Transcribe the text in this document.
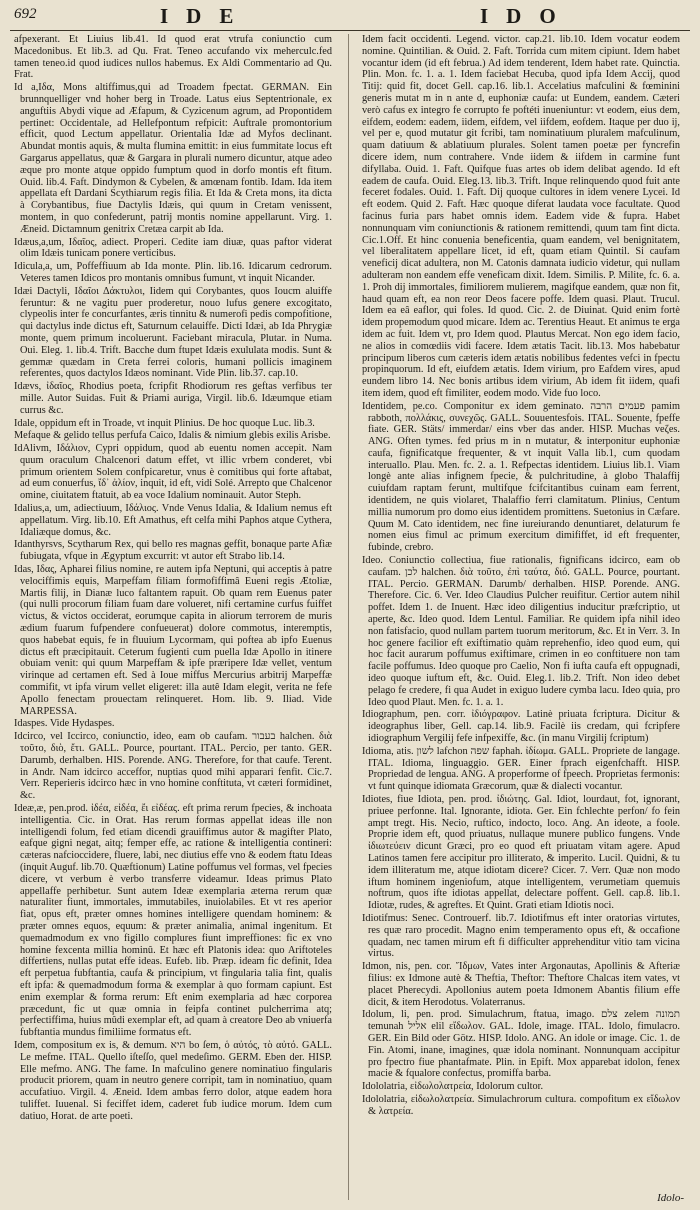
692	IDE	IDO

afpexerant. Et Liuius lib.41. Id quod erat vtrufa coniunctio cum Macedonibus. Et lib.3. ad Qu. Frat. Teneo accufando vix meherculc.fed tamen teneo.id quod iudices nullos habemus. Ex Aldi Commentario ad Qu. Frat.

Id a,Iδα, Mons altiffimus,qui ad Troadem fpectat. GERMAN. Ein brunnquelliger vnd hoher berg in Troade. Latus eius Septentrionale, ex anguftiis Abydi vique ad Æfapum, & Cyzicenum agrum, ad Propontidem pertinet: Occidentale, ad Hellefpontum refpicit: Auftrale promontorium efficit, quod Lectum appellatur. Orientalia Idæ ad Myfos declinant. Abundat montis aquis, & multa flumina emittit: in eius fummitate locus eft Gargarus appellatus, quæ & Gargara in plurali numero dicuntur, atque adeo æque pro monte atque oppido fumptum quod in dorfo montis eft fitum. Ouid. lib.4. Faft. Dindymon & Cybelen, & amœnam fontib. Idam. Ida item appellata eft Dardani Scythiarum regis filia. Et Ida & Creta mons, ita dicta à Corybantibus, fiue Dactylis Idæis, qui quum in Cretam venissent, montem, in quo confederunt, patrij montis nomine appellarunt. Virg. 1. Æneid. Dictamnum genitrix Cretæa carpit ab Ida.

Idæus,a,um, Iδαῖος, adiect. Properi. Cedite iam diuæ, quas paftor viderat olim Idæis tunicam ponere verticibus.

Idicula,a, um, Poffeffiuum ab Ida monte. Plin. lib.16. Idicarum cedrorum. Veteres tamen Idicos pro montanis omnibus fumunt, vt inquit Nicander.

Idæi Dactyli, Iδαῖοι Δάκτυλοι, Iidem qui Corybantes, quos Ioucm aluiffe feruntur: & ne vagitu puer proderetur, nouo lufus genere excogitato, clypeolis inter fe concurfantes, æris tinnitu & numerofi pedis compofitione, qui dactylus inde dictus eft, Saturnum celauiffe. Dicti Idæi, ab Ida Phrygiæ monte, quem primum incoluerunt. Faciebant miracula, Plutar. in Numa. Oui. Eleg. 1. lib.4. Trift. Bacche dum ftupet Idæis exululata modis. Sunt & gemmæ quædam in Creta ferrei coloris, humani pollicis imaginem referentes, quos dactylos Idæos nominant. Vide Plin. lib.37. cap.10.

Idævs, ἰδαῖος, Rhodius poeta, fcripfit Rhodiorum res geftas verfibus ter mille. Autor Suidas. Fuit & Priami auriga, Virgil. lib.6. Idæumque etiam currus &c.

Idale, oppidum eft in Troade, vt inquit Plinius. De hoc quoque Luc. lib.3.

Mefaque & gelido tellus perfufa Caico, Idalis & nimium glebis exilis Arisbe.

IdAlivm, Iδάλιον, Cypri oppidum, quod ab euentu nomen accepit. Nam quum oraculum Chalcenori datum effet, vt illic vrbem conderet, vbi primum orientem Solem confpicaretur, vnus è comitibus qui forte aftabat, ad eum conuerfus, ἴδ᾽ ἀλίον, inquit, id eft, vidi Solé. Arrepto que Chalcenor omine, ciuitatem ftatuit, ab ea voce Idalium nominauit. Autor Steph.

Idalius,a, um, adiectiuum, Iδάλιος. Vnde Venus Idalia, & Idalium nemus eft appellatum. Virg. lib.10. Eft Amathus, eft celfa mihi Paphos atque Cythera, Idaliæque domus, &c.

Idanthyrsvs, Scytharum Rex, qui bello res magnas geffit, bonaque parte Afiæ fubiugata, vfque in Ægyptum excurrit: vt autor eft Strabo lib.14.

Idas, Iδας, Apharei filius nomine, re autem ipfa Neptuni, qui acceptis à patre velociffimis equis, Marpeffam filiam formofiffimâ Eueni regis Ætoliæ, Martis filij, in Dianæ luco faltantem rapuit. Ob quam rem Euenus pater (qui nulli procorum filiam fuam dare volueret, nifi certamine curfus fuiffet victus, & victos occiderat, eorumque capita in aliorum terrorem de muris ædium fuarum fufpendere confueuerat) dolore commotus, interemptis, quos habebat equis, fe in fluuium Lycormam, qui poftea ab ipfo Euenus dictus eft præcipitauit. Ceterum fugienti cum puella Idæ Apollo in itinere obuiam venit: qui quum Marpeffam & ipfe præripere Idæ vellet, ventum virinque ad certamen eft. Sed à Ioue miffus Mercurius arbitrij Marpeffæ commifit, vt ipfa virum vellet eligeret: illa autê Idam elegit, verita ne fefe Apollo fenectam prouectam relinqueret. Hom. lib. 9. Iliad. Vide MARPESSA.

Idaspes. Vide Hydaspes.

Idcirco, vel Iccirco, coniunctio, ideo, eam ob caufam. בעבור halchen. διὰ τοῦτο, διὸ, ἔτι. GALL. Pource, pourtant. ITAL. Percio, per tanto. GER. Darumb, derhalben. HIS. Porende. ANG. Therefore, for that caufe. Terent. in Andr. Nam idcirco acceffor, nuptias quod mihi apparari fenfit. Cic.7. Verr. Reperieris idcirco hæc in vno homine conftituta, vt cæteri formidinet, &c.

Ideæ,æ, pen.prod. ἰδέα, εἰδέα, ἔι εἰδέας. eft prima rerum fpecies, & inchoata intelligentia. Cic. in Orat. Has rerum formas appellat ideas ille non intelligendi folum, fed etiam dicendi grauiffimus autor & magifter Plato, eafque gigni negat, aitq; femper effe, ac ratione & intelligentia contineri: cæteras nafcioccidere, fluere, labi, nec diutius effe vno & eodem ftatu Ideas (inquit Auguf. lib.70. Quæftionum) Latine poffumus vel formas, vel fpecies dicere, vt verbum è verbo transferre videamur. Ideas primus Plato appellaffe perhibetur. Sunt autem Ideæ exemplaria æterna rerum quæ naturaliter fiunt, immortales, immutabiles, inuiolabiles. Et vt res aperior fiat, opus eft, præter omnes homines intelligere quendam hominem: & præter omnes equos, equum: & præter animalia, animal ingenitum. Et quemadmodum ex vno figillo complures fiunt impreffiones: fic ex vno homine fexcenta millia hominû. Et hæc eft Platonis idea: quo Ariftoteles differtiens, nullas putat effe ideas. Eufeb. lib. Præp. ideam fic definit, Idea eft perpetua fubftantia, caufa & principium, vt fingularia talia fint, qualis eft ipfa: & quemadmodum forma & exemplar à quo formam capiunt. Est enim exemplar & forma rerum: Eft enim exemplaria ad hæc corporea præcedunt, fic ut quæ omnia in feipfa continet pulcherrima atq; perfectiffima, huius mûdi exemplar eft, ad quam à creatore Deo ab vniuerfa fubftantia mundus fimiliime formatus eft.

Idem, compositum ex is, & demum. היא bo ſem, ὁ αὐτός, τὸ αὐτό. GALL. Le mefme. ITAL. Quello iſteſſo, quel medeſimo. GERM. Eben der. HISP. Elle mefmo. ANG. The fame. In mafculino genere nominatiuo fingularis producit priorem, quam in neutro genere corripit, tam in nominatiuo, quam accufatiuo. Virgil. 4. Æneid. Idem ambas ferro dolor, atque eadem hora tuliffet. Iuuenal. Si feciffet idem, caderet fub iudice morum. Idem cum datiuo, Horat. de arte poeti.

Idem facit occidenti. Legend. victor. cap.21. lib.10. Idem vocatur eodem nomine. Quintilian. & Ouid. 2. Faft. Torrida cum mitem cipiunt. Idem habet vocantur idem (id eft februa.) Ad idem tenderent, Idem habet rate. Quinctia. Plin. Mon. fc. 1. a. 1. Idem faciebat Hecuba, quod ipfa Idem Accij, quod Titij: quid fit, docet Gell. cap.16. lib.1. Accelatius mafculini & fœminini generis mutat m in n ante d, euphoniæ caufa: ut Eundem, eandem. Cæteri verò cafus ex integro fe corrupto fe poftéti inueniuntur: vt eodem, eius dem, eifdem, eodem: eadem, iidem, eifdem, vel iifdem, eofdem. Itaque per duo ij, vel per e, quod mutatur git fcribi, tam nominatiuum pluralem mafculinum, quam datiuum & ablatiuum plurales. Solent tamen poetæ per fyncrefin dicere idem, num contrahere. Vnde iidem & iifdem in carmine funt difyllaba. Ouid. 1. Faft. Quifque fuas artes ob idem delibat agendo. Id eft eadem de caufa. Ouid. Eleg.13. lib.3. Trift. Inque relinquendo quod fuit ante feceret fodales. Ouid. 1. Faft. Dij quoque cultores in idem venere Lycei. Id eft eodem. Quid 2. Faft. Hæc quoque diferat laudata voce facultate. Quod facinus furia pars habet omnis idem. Eadem vide & fupra. Habet nonnunquam vim coniunctionis & rationem remittendi, quum tam fint dicta. Cic.1.Off. Et hinc conuenia beneficentia, quam eandem, vel benignitatem, vel liberalitatem appellare licet, id eft, quam etiam Quintil. Si caufam veneficij dicat adultera, non M. Catonis damnata iudicio videtur, qui nullam adulteram non eandem effe veneficam dixit. Idem. Similis. P. Milite, fc. 6. a. 1. Proh dij immortales, fimiliorem mulierem, magifque eandem, quæ non fit, haud quam eft, ea non reor Deos facere poffe. Idem quasi. Plaut. Trucul. Idem ea eâ eaflor, qui foles. Id quod. Cic. 2. de Diuinat. Quid enim fortè idem propemodum quod micare. Idem ac. Terentius Heaut. Et animus te erga idem ac fuit. Idem vt, pro Idem quod. Plautus Mercat. Non ego idem facio, ne alios in comœdiis vidi facere. Idem ætatis Tacit. lib.13. Mos habebatur principum liberos cum cæteris idem ætatis nobilibus fedentes vefci in fpectu propinquorum. Id eft, eiufdem ætatis. Idem virium, pro Eafdem vires, apud eundem libro 14. Nec bonis artibus idem virium, Ab idem fit iidem, quafi item idem, quod eft fimiliter, eodem modo. Vide fuo loco.

Identidem, pe.co. Componitur ex idem geminato. פעמים הרבה pamim rabboth, πολλάκις, συνεχῶς. GALL. Souuentesfois. ITAL. Souente, fpeffe fiate. GER. Stäts/ immerdar/ eins vber das ander. HISP. Muchas veζes. ANG. Often tymes. fed prius m in n mutatur, & interponitur euphoniæ caufa, fignificatque frequenter, & vt inquit Valla lib.1, cum quodam interuallo. Plau. Men. fc. 2. a. 1. Refpectas identidem. Liuius lib.1. Viam longè ante alias infignem fpecie, & pulchritudine, à globo Thalaffij cuiufdam raptam ferunt, multifque fcifcitantibus cuinam eam ferrent, identidem, ne quis violaret, Thalaffio ferri clamitatum. Plinius, Centum millia numorum pro domo eius identidem promittens. Suetonius in Cæfare. Quum M. Cato identidem, nec fine iureiurando denuntiaret, delaturum fe nomen eius fimul ac primum exercitum dimififfet, id eft frequenter, fubinde, crebro.

Ideo. Coniunctio collectiua, fiue rationalis, fignificans idcirco, eam ob caufam. לכן halchen. διὰ τοῦτο, ἐπὶ ταύτα, διό. GALL. Pource, pourtant. ITAL. Percio. GERMAN. Darumb/ derhalben. HISP. Porende. ANG. Therefore. Cic. 6. Ver. Ideo Claudius Pulcher reuifitur. Certior autem nihil poffet. Idem 1. de Inuent. Hæc ideo diligentius inducitur præfcriptio, ut aperte, &c. Ideo quod. Idem Lentul. Familiar. Re quidem ipfa nihil ideo non fatisfacio, quod nullam partem tuorum meritorum, &c. Et in Verr. 3. In hoc genere facilior eft exiftimatio quàm reprehenfio, ideo quod eum, qui hoc facit aurarum poffumus exiftimare, crimen in eo conftituere non tam facile poffumus. Ideo quoque pro Caelio, Non fi iufta caufa eft oppugnadi, ideo quoque iuftum eft, &c. Ouid. Eleg.1. lib.2. Trift. Non ideo debet pelago fe credere, fi qua Audet in exiguo ludere cymba lacu. Ideo quia, pro Ideo quod Plaut. Men. fc. 1. a. 1.

Idiographum, pen. corr. ἰδιόγραφον. Latinè priuata fcriptura. Dicitur & ideographus liber, Gell. cap.14. lib.9. Facilè iis credam, qui fcripfere idiographum Vergilij fefe infpexiffe, &c. (in manu Virgilij fcriptum)

Idioma, atis. לשון lafchon שפה faphah. ἰδίωμα. GALL. Propriete de langage. ITAL. Idioma, linguaggio. GER. Einer fprach eigenfchafft. HISP. Propriedad de lengua. ANG. A properforme of fpeech. Proprietas fermonis: vt funt quinque idiomata Græcorum, quæ & dialecti vocantur.

Idiotes, fiue Idiota, pen. prod. ἰδιώτης. Gal. Idiot, lourdaut, fot, ignorant, priuee perfonne. Ital. Ignorante, idiota. Ger. Ein fchlechte perfon/ fo fein ampt tregt. His. Necio, ruftico, indocto, loco. Ang. An ideote, a foole. Proprie idem eft, quod priuatus, nullaque munere publico fungens. Vnde ἰδιωτεύειν dicunt Græci, pro eo quod eft priuatam vitam agere. Apud Latinos tamen fere accipitur pro illiterato, & imperito. Lucil. Quidni, & tu idem illiteratum me, atque idiotam dicere? Cicer. 7. Verr. Quæ non modo iftum hominem ingeniofum, atque intelligentem, verumetiam quemuis noftrum, quos ifte idiotas appellat, delectare poffent. Gell. cap.8. lib.1. Idiotæ, rudes, & agreftes. Et Quint. Grati etiam Idiotis noci.

Idiotifmus: Senec. Controuerf. lib.7. Idiotifmus eft inter oratorias virtutes, res quæ raro procedit. Magno enim temperamento opus eft, & occafione quadam, nec tamen mirum eft fi difficulter apprehenditur vitio tam vicina virtus.

Idmon, nis, pen. cor. Ἴδμων, Vates inter Argonautas, Apollinis & Afteriæ filius: ex Idmone autè & Theftia, Theftor: Theftore Chalcas item vates, vt placet Pherecydi. Apollonius autem poeta Idmonem Abantis filium effe dicit, & item Herodotus. Volaterranus.

Idolum, li, pen. prod. Simulachrum, ftatua, imago. צלם zelem תמונה temunah אליל elil εἴδωλον. GAL. Idole, image. ITAL. Idolo, fimulacro. GER. Ein Bild oder Götz. HISP. Idolo. ANG. An idole or image. Cic. 1. de Fin. Atomi, inane, imagines, quæ idola nominant. Nonnunquam accipitur pro fpectro fiue phantafmate. Plin. in Epift. Mox apparebat idolon, fenex macie & fqualore confectus, promiffa barba.

Idololatria, εἰδωλολατρεία, Idolorum cultor.

Idololatria, εἰδωλολατρεία. Simulachrorum cultura. compofitum ex εἴδωλον & λατρεία.

Idolo-
